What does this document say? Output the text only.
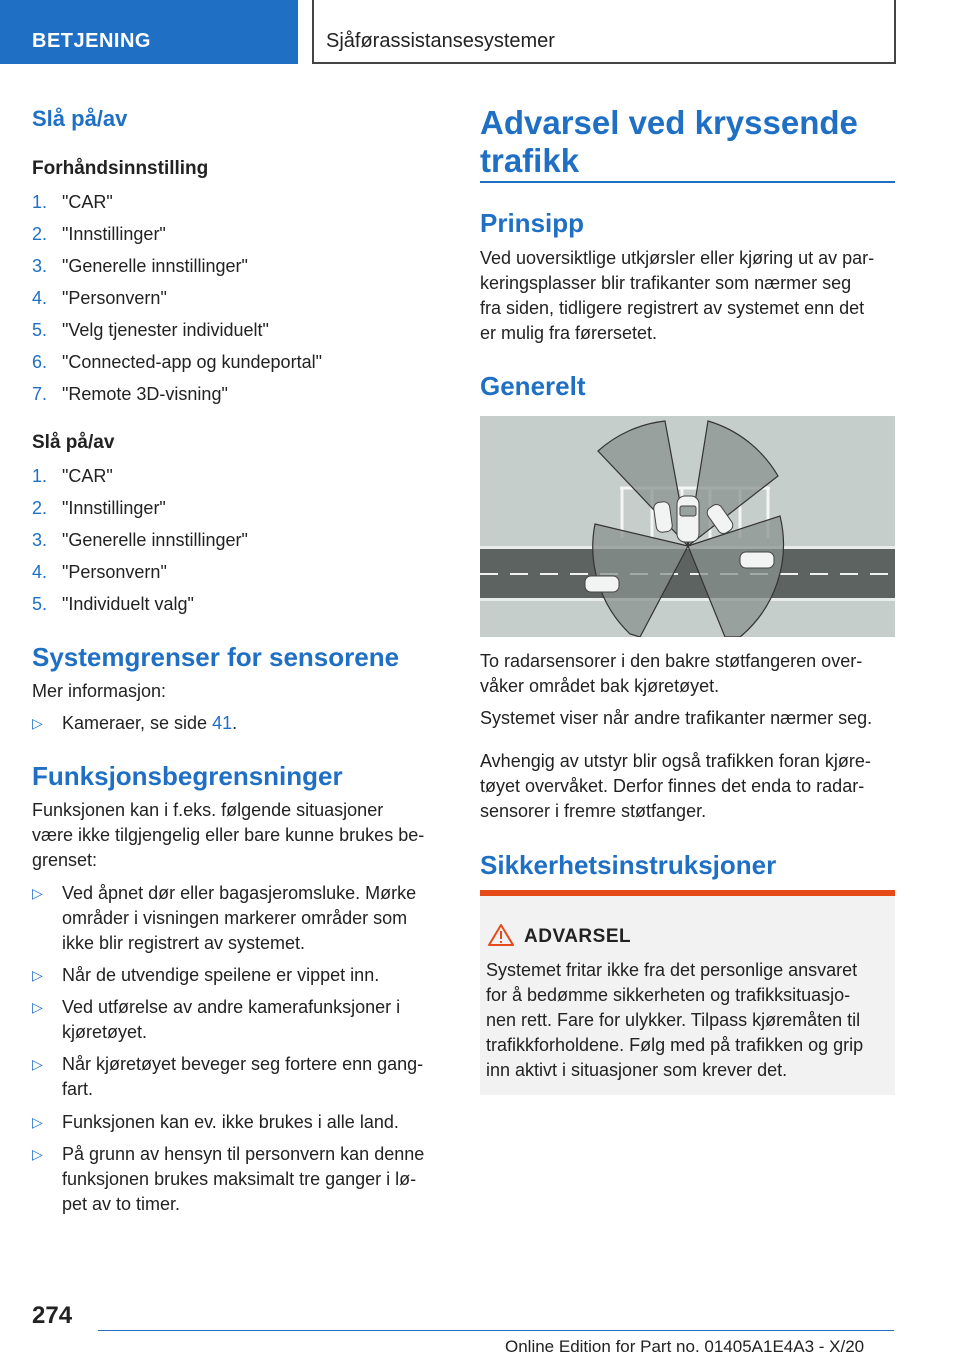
BETJENING	Sjåførassistansesystemer
Slå på/av
Forhåndsinnstilling
1. "CAR"
2. "Innstillinger"
3. "Generelle innstillinger"
4. "Personvern"
5. "Velg tjenester individuelt"
6. "Connected-app og kundeportal"
7. "Remote 3D-visning"
Slå på/av
1. "CAR"
2. "Innstillinger"
3. "Generelle innstillinger"
4. "Personvern"
5. "Individuelt valg"
Systemgrenser for sensorene
Mer informasjon:
▷ Kameraer, se side 41.
Funksjonsbegrensninger
Funksjonen kan i f.eks. følgende situasjoner
være ikke tilgjengelig eller bare kunne brukes be-
grenset:
▷ Ved åpnet dør eller bagasjeromsluke. Mørke
områder i visningen markerer områder som
ikke blir registrert av systemet.
▷ Når de utvendige speilene er vippet inn.
▷ Ved utførelse av andre kamerafunksjoner i
kjøretøyet.
▷ Når kjøretøyet beveger seg fortere enn gang-
fart.
▷ Funksjonen kan ev. ikke brukes i alle land.
▷ På grunn av hensyn til personvern kan denne
funksjonen brukes maksimalt tre ganger i lø-
pet av to timer.
Advarsel ved kryssende
trafikk
Prinsipp
Ved uoversiktlige utkjørsler eller kjøring ut av par-
keringsplasser blir trafikanter som nærmer seg
fra siden, tidligere registrert av systemet enn det
er mulig fra førersetet.
Generelt
To radarsensorer i den bakre støtfangeren over-
våker området bak kjøretøyet.
Systemet viser når andre trafikanter nærmer seg.
Avhengig av utstyr blir også trafikken foran kjøre-
tøyet overvåket. Derfor finnes det enda to radar-
sensorer i fremre støtfanger.
Sikkerhetsinstruksjoner
ADVARSEL
Systemet fritar ikke fra det personlige ansvaret
for å bedømme sikkerheten og trafikksituasjo-
nen rett. Fare for ulykker. Tilpass kjøremåten til
trafikkforholdene. Følg med på trafikken og grip
inn aktivt i situasjoner som krever det.
274
Online Edition for Part no. 01405A1E4A3 - X/20
